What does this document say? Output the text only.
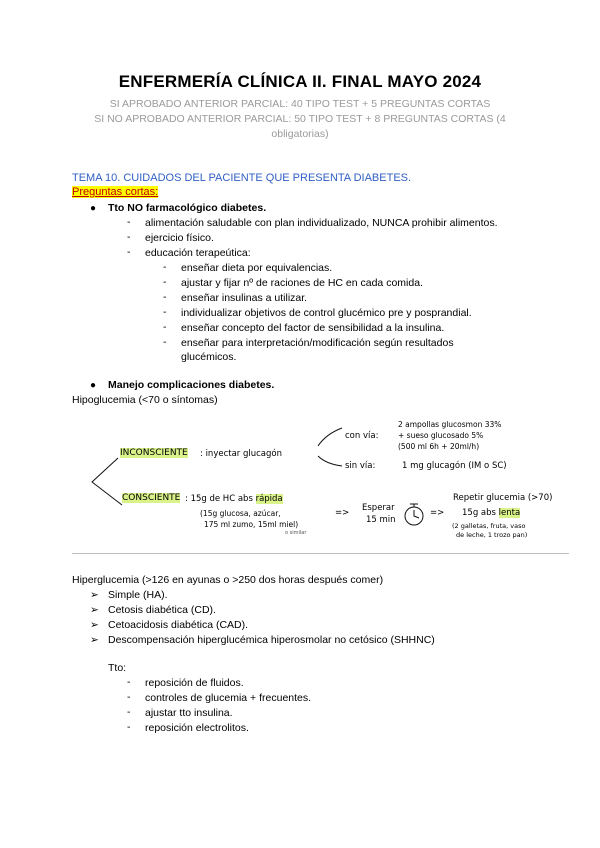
ENFERMERÍA CLÍNICA II. FINAL MAYO 2024
SI APROBADO ANTERIOR PARCIAL: 40 TIPO TEST + 5 PREGUNTAS CORTAS
SI NO APROBADO ANTERIOR PARCIAL: 50 TIPO TEST + 8 PREGUNTAS CORTAS (4
obligatorias)
TEMA 10. CUIDADOS DEL PACIENTE QUE PRESENTA DIABETES.
Preguntas cortas:
● Tto NO farmacológico diabetes.
- alimentación saludable con plan individualizado, NUNCA prohibir alimentos.
- ejercicio físico.
- educación terapeútica:
- enseñar dieta por equivalencias.
- ajustar y fijar nº de raciones de HC en cada comida.
- enseñar insulinas a utilizar.
- individualizar objetivos de control glucémico pre y posprandial.
- enseñar concepto del factor de sensibilidad a la insulina.
- enseñar para interpretación/modificación según resultados
glucémicos.
● Manejo complicaciones diabetes.
Hipoglucemia (<70 o síntomas)
INCONSCIENTE : inyectar glucagón
con vía:
2 ampollas glucosmon 33%
+ sueso glucosado 5%
(500 ml 6h + 20ml/h)
sin vía:	1 mg glucagón (IM o SC)
CONSCIENTE : 15g de HC abs rápida
(15g glucosa, azúcar,
175 ml zumo, 15ml miel)
o similar
=> Esperar
15 min
=>
Repetir glucemia (>70)
15g abs lenta
(2 galletas, fruta, vaso
de leche, 1 trozo pan)
Hiperglucemia (>126 en ayunas o >250 dos horas después comer)
➢ Simple (HA).
➢ Cetosis diabética (CD).
➢ Cetoacidosis diabética (CAD).
➢ Descompensación hiperglucémica hiperosmolar no cetósico (SHHNC)
Tto:
- reposición de fluidos.
- controles de glucemia + frecuentes.
- ajustar tto insulina.
- reposición electrolitos.
